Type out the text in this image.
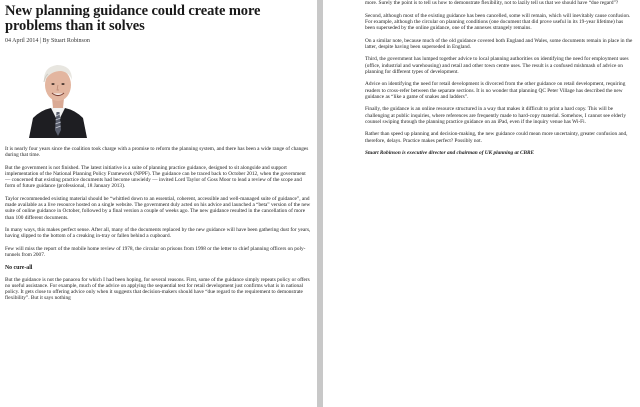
New planning guidance could create more problems than it solves
04 April 2014 | By Stuart Robinson

It is nearly four years since the coalition took charge with a promise to reform the planning system, and there has been a wide range of changes during that time.

But the government is not finished. The latest initiative is a suite of planning practice guidance, designed to sit alongside and support implementation of the National Planning Policy Framework (NPPF). The guidance can be traced back to October 2012, when the government — concerned that existing practice documents had become unwieldy — invited Lord Taylor of Goss Moor to lead a review of the scope and form of future guidance (professional, 18 January 2013).

Taylor recommended existing material should be “whittled down to an essential, coherent, accessible and well-managed suite of guidance”, and made available as a live resource hosted on a single website. The government duly acted on his advice and launched a “beta” version of the new suite of online guidance in October, followed by a final version a couple of weeks ago. The new guidance resulted in the cancellation of more than 100 different documents.

In many ways, this makes perfect sense. After all, many of the documents replaced by the new guidance will have been gathering dust for years, having slipped to the bottom of a creaking in-tray or fallen behind a cupboard.

Few will miss the report of the mobile home review of 1978, the circular on prisons from 1998 or the letter to chief planning officers on poly-tunnels from 2007.

No cure-all

But the guidance is not the panacea for which I had been hoping, for several reasons. First, some of the guidance simply repeats policy or offers no useful assistance. For example, much of the advice on applying the sequential test for retail development just confirms what is in national policy. It gets close to offering advice only when it suggests that decision-makers should have “due regard to the requirement to demonstrate flexibility”. But it says nothing

more. Surely the point is to tell us how to demonstrate flexibility, not to lazily tell us that we should have “due regard”?

Second, although most of the existing guidance has been cancelled, some will remain, which will inevitably cause confusion. For example, although the circular on planning conditions (one document that did prove useful in its 19-year lifetime) has been superseded by the online guidance, one of the annexes strangely remains.

On a similar note, because much of the old guidance covered both England and Wales, some documents remain in place in the latter, despite having been superseded in England.

Third, the government has lumped together advice to local planning authorities on identifying the need for employment uses (office, industrial and warehousing) and retail and other town centre uses. The result is a confused mishmash of advice on planning for different types of development.

Advice on identifying the need for retail development is divorced from the other guidance on retail development, requiring readers to cross-refer between the separate sections. It is no wonder that planning QC Peter Village has described the new guidance as “like a game of snakes and ladders”.

Finally, the guidance is an online resource structured in a way that makes it difficult to print a hard copy. This will be challenging at public inquiries, where references are frequently made to hard-copy material. Somehow, I cannot see elderly counsel swiping through the planning practice guidance on an iPad, even if the inquiry venue has Wi-Fi.

Rather than speed up planning and decision-making, the new guidance could mean more uncertainty, greater confusion and, therefore, delays. Practice makes perfect? Possibly not.

Stuart Robinson is executive director and chairman of UK planning at CBRE
